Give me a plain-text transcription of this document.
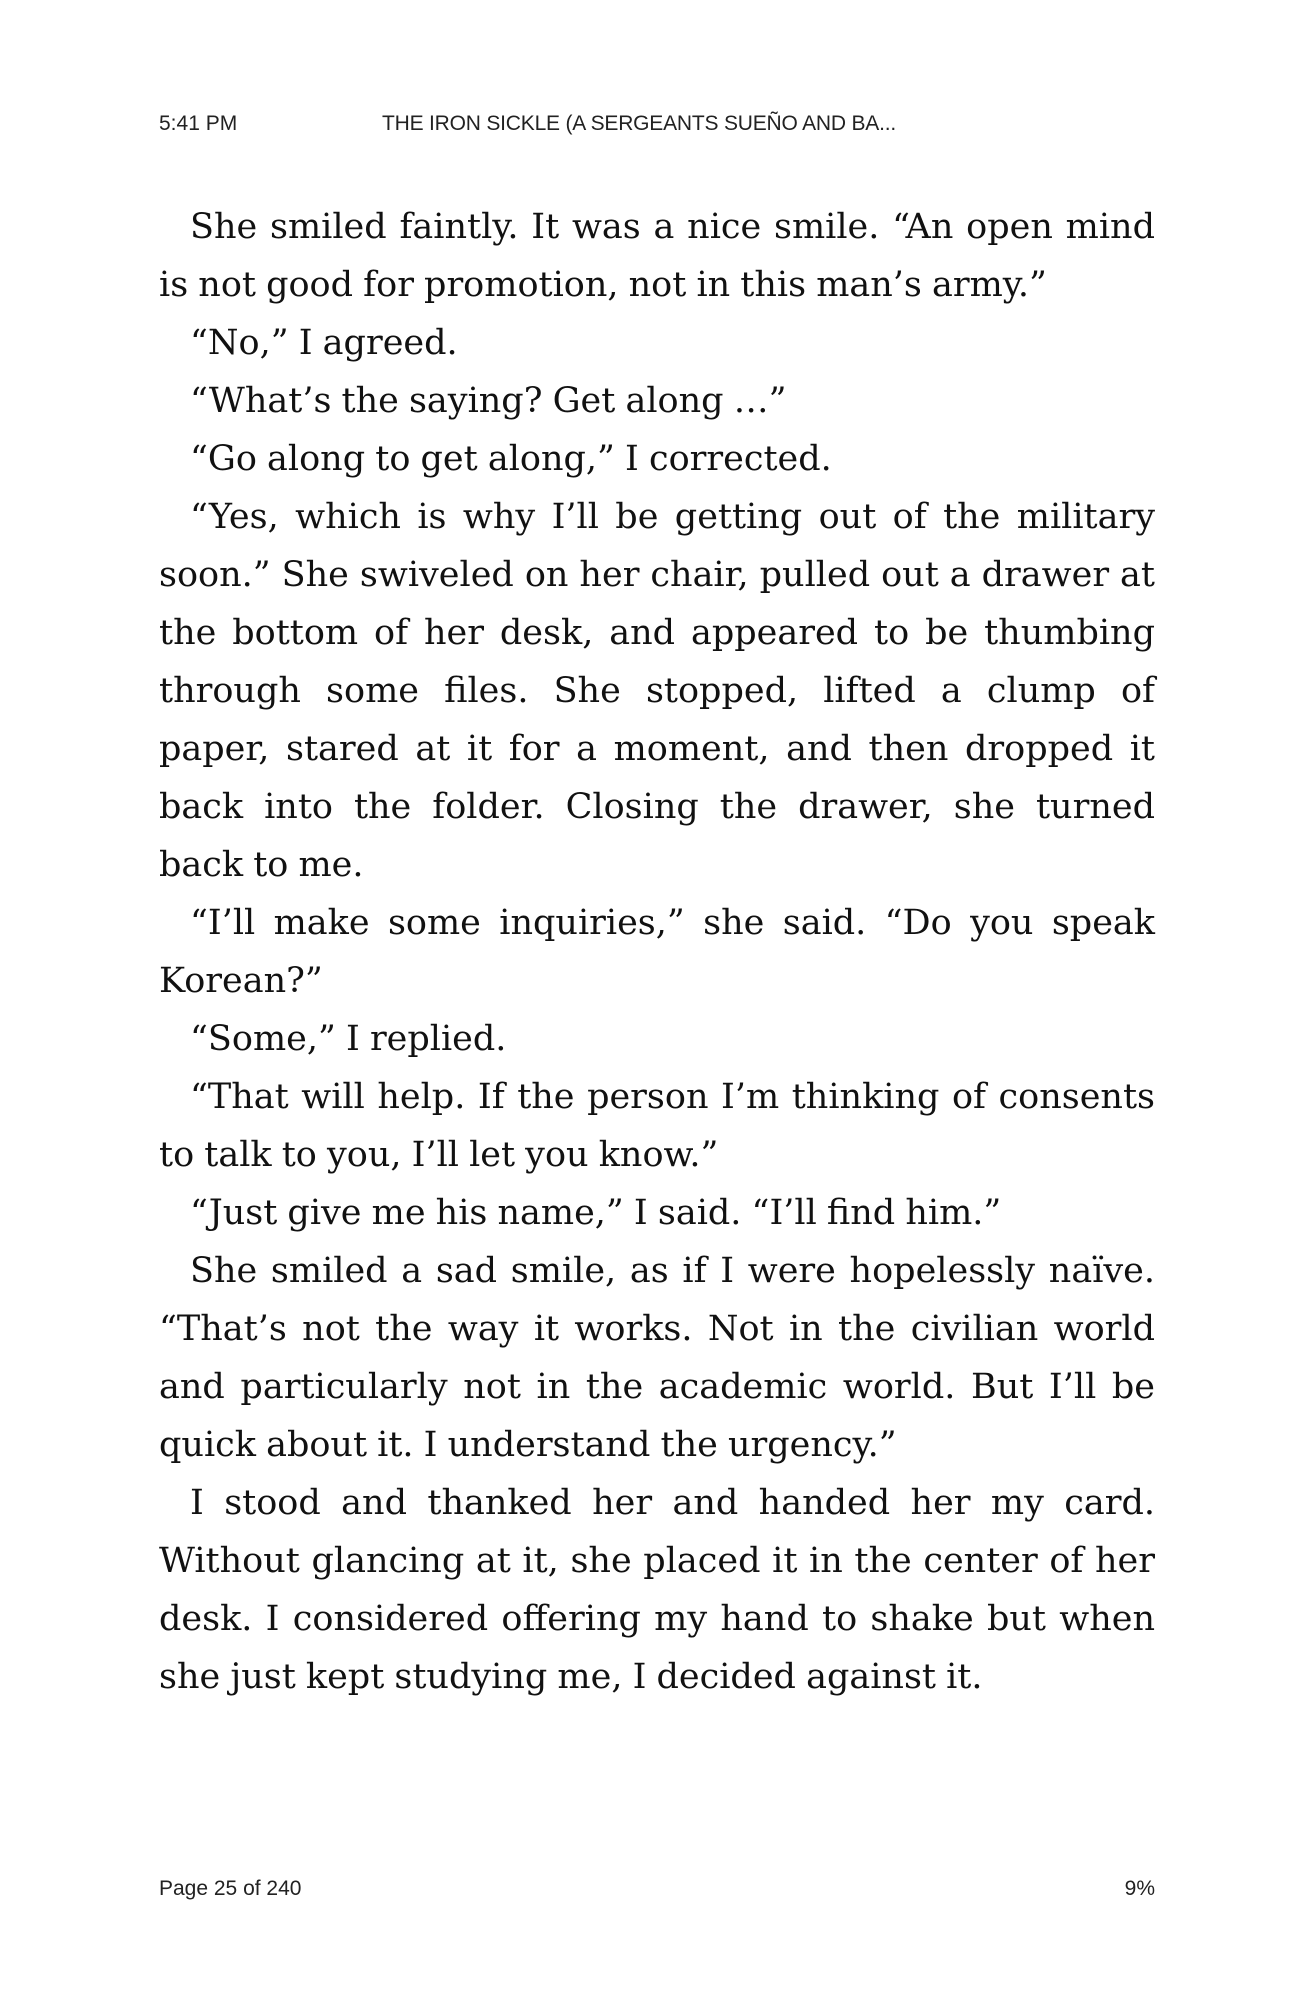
5:41 PM	THE IRON SICKLE (A SERGEANTS SUEÑO AND BA...

She smiled faintly. It was a nice smile. “An open mind is not good for promotion, not in this man’s army.”

“No,” I agreed.

“What’s the saying? Get along …”

“Go along to get along,” I corrected.

“Yes, which is why I’ll be getting out of the military soon.” She swiveled on her chair, pulled out a drawer at the bottom of her desk, and appeared to be thumbing through some files. She stopped, lifted a clump of paper, stared at it for a moment, and then dropped it back into the folder. Closing the drawer, she turned back to me.

“I’ll make some inquiries,” she said. “Do you speak Korean?”

“Some,” I replied.

“That will help. If the person I’m thinking of consents to talk to you, I’ll let you know.”

“Just give me his name,” I said. “I’ll find him.”

She smiled a sad smile, as if I were hopelessly naïve. “That’s not the way it works. Not in the civilian world and particularly not in the academic world. But I’ll be quick about it. I understand the urgency.”

I stood and thanked her and handed her my card. Without glancing at it, she placed it in the center of her desk. I considered offering my hand to shake but when she just kept studying me, I decided against it.

Page 25 of 240	9%
